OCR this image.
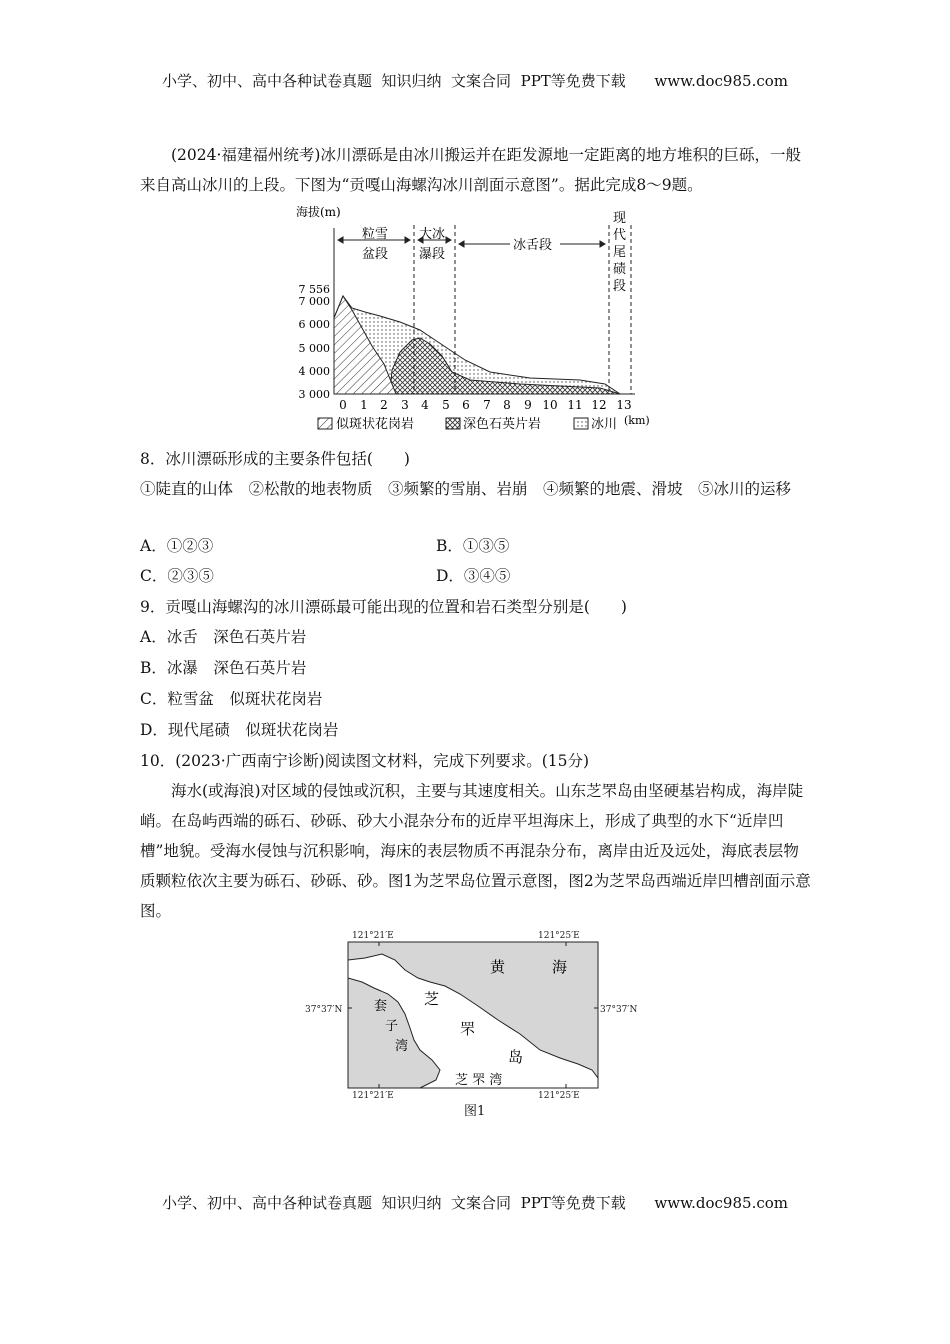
小学、初中、高中各种试卷真题  知识归纳  文案合同  PPT等免费下载      www.doc985.com
(2024·福建福州统考)冰川漂砾是由冰川搬运并在距发源地一定距离的地方堆积的巨砾，一般来自高山冰川的上段。下图为“贡嘎山海螺沟冰川剖面示意图”。据此完成8～9题。
海拔(m)
7 556
7 000
6 000
5 000
4 000
3 000
粒雪
盆段
大冰
瀑段
冰舌段
现
代
尾
碛
段
0 1 2 3 4 5 6 7 8 9 10 11 12 13
(km)
似斑状花岗岩	深色石英片岩	冰川
8．冰川漂砾形成的主要条件包括(　　)
①陡直的山体　②松散的地表物质　③频繁的雪崩、岩崩　④频繁的地震、滑坡　⑤冰川的运移
A．①②③	B．①③⑤
C．②③⑤	D．③④⑤
9．贡嘎山海螺沟的冰川漂砾最可能出现的位置和岩石类型分别是(　　)
A．冰舌　深色石英片岩
B．冰瀑　深色石英片岩
C．粒雪盆　似斑状花岗岩
D．现代尾碛　似斑状花岗岩
10．(2023·广西南宁诊断)阅读图文材料，完成下列要求。(15分)
海水(或海浪)对区域的侵蚀或沉积，主要与其速度相关。山东芝罘岛由坚硬基岩构成，海岸陡峭。在岛屿西端的砾石、砂砾、砂大小混杂分布的近岸平坦海床上，形成了典型的水下“近岸凹槽”地貌。受海水侵蚀与沉积影响，海床的表层物质不再混杂分布，离岸由近及远处，海底表层物质颗粒依次主要为砾石、砂砾、砂。图1为芝罘岛位置示意图，图2为芝罘岛西端近岸凹槽剖面示意图。
121°21′E	121°25′E
121°21′E	121°25′E
37°37′N	37°37′N
黄	海
芝
罘
岛
套
子
湾
芝 罘 湾
图1
小学、初中、高中各种试卷真题  知识归纳  文案合同  PPT等免费下载      www.doc985.com
